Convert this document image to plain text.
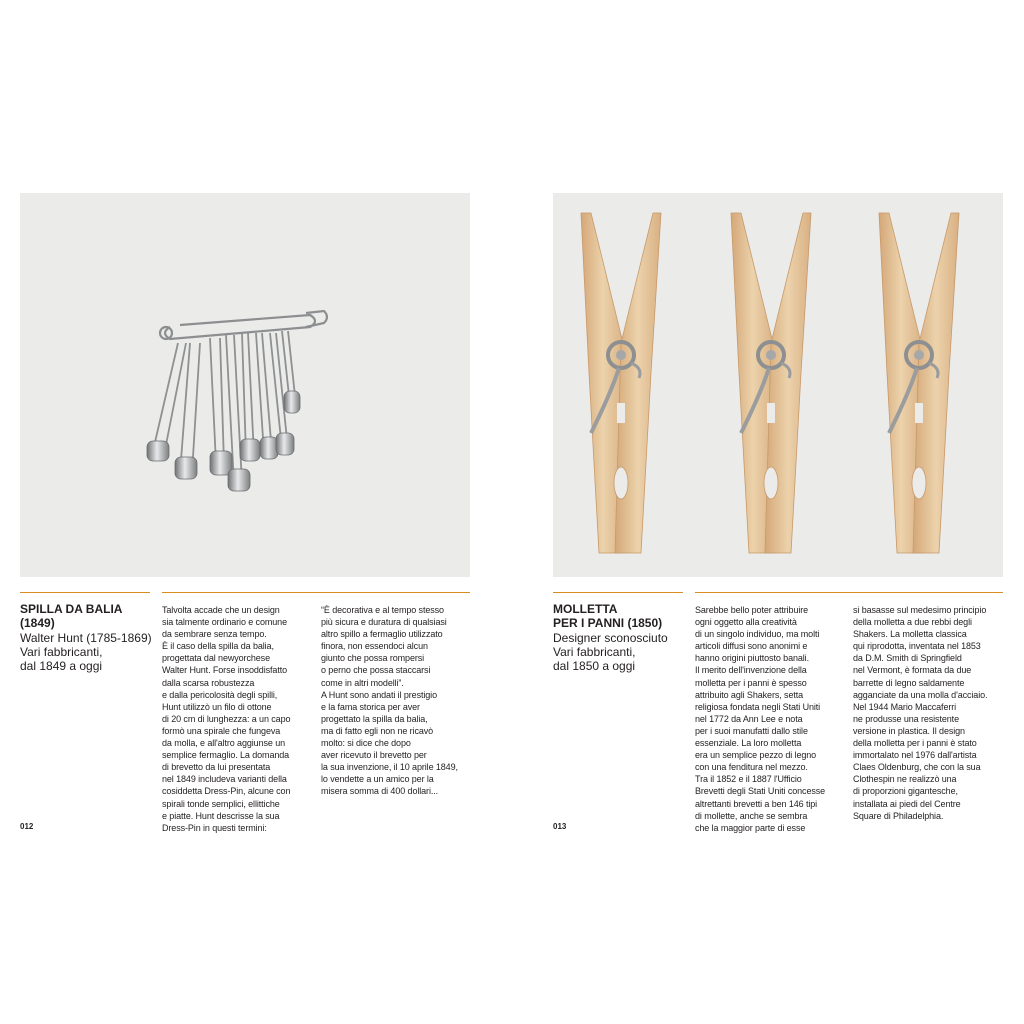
SPILLA DA BALIA
(1849)
Walter Hunt (1785-1869)
Vari fabbricanti,
dal 1849 a oggi

Talvolta accade che un design
sia talmente ordinario e comune
da sembrare senza tempo.
È il caso della spilla da balia,
progettata dal newyorchese
Walter Hunt. Forse insoddisfatto
dalla scarsa robustezza
e dalla pericolosità degli spilli,
Hunt utilizzò un filo di ottone
di 20 cm di lunghezza: a un capo
formò una spirale che fungeva
da molla, e all'altro aggiunse un
semplice fermaglio. La domanda
di brevetto da lui presentata
nel 1849 includeva varianti della
cosiddetta Dress-Pin, alcune con
spirali tonde semplici, ellittiche
e piatte. Hunt descrisse la sua
Dress-Pin in questi termini:

“È decorativa e al tempo stesso
più sicura e duratura di qualsiasi
altro spillo a fermaglio utilizzato
finora, non essendoci alcun
giunto che possa rompersi
o perno che possa staccarsi
come in altri modelli”.
A Hunt sono andati il prestigio
e la fama storica per aver
progettato la spilla da balia,
ma di fatto egli non ne ricavò
molto: si dice che dopo
aver ricevuto il brevetto per
la sua invenzione, il 10 aprile 1849,
lo vendette a un amico per la
misera somma di 400 dollari...

012
MOLLETTA
PER I PANNI (1850)
Designer sconosciuto
Vari fabbricanti,
dal 1850 a oggi

Sarebbe bello poter attribuire
ogni oggetto alla creatività
di un singolo individuo, ma molti
articoli diffusi sono anonimi e
hanno origini piuttosto banali.
Il merito dell'invenzione della
molletta per i panni è spesso
attribuito agli Shakers, setta
religiosa fondata negli Stati Uniti
nel 1772 da Ann Lee e nota
per i suoi manufatti dallo stile
essenziale. La loro molletta
era un semplice pezzo di legno
con una fenditura nel mezzo.
Tra il 1852 e il 1887 l'Ufficio
Brevetti degli Stati Uniti concesse
altrettanti brevetti a ben 146 tipi
di mollette, anche se sembra
che la maggior parte di esse

si basasse sul medesimo principio
della molletta a due rebbi degli
Shakers. La molletta classica
qui riprodotta, inventata nel 1853
da D.M. Smith di Springfield
nel Vermont, è formata da due
barrette di legno saldamente
agganciate da una molla d'acciaio.
Nel 1944 Mario Maccaferri
ne produsse una resistente
versione in plastica. Il design
della molletta per i panni è stato
immortalato nel 1976 dall'artista
Claes Oldenburg, che con la sua
Clothespin ne realizzò una
di proporzioni gigantesche,
installata ai piedi del Centre
Square di Philadelphia.

013
